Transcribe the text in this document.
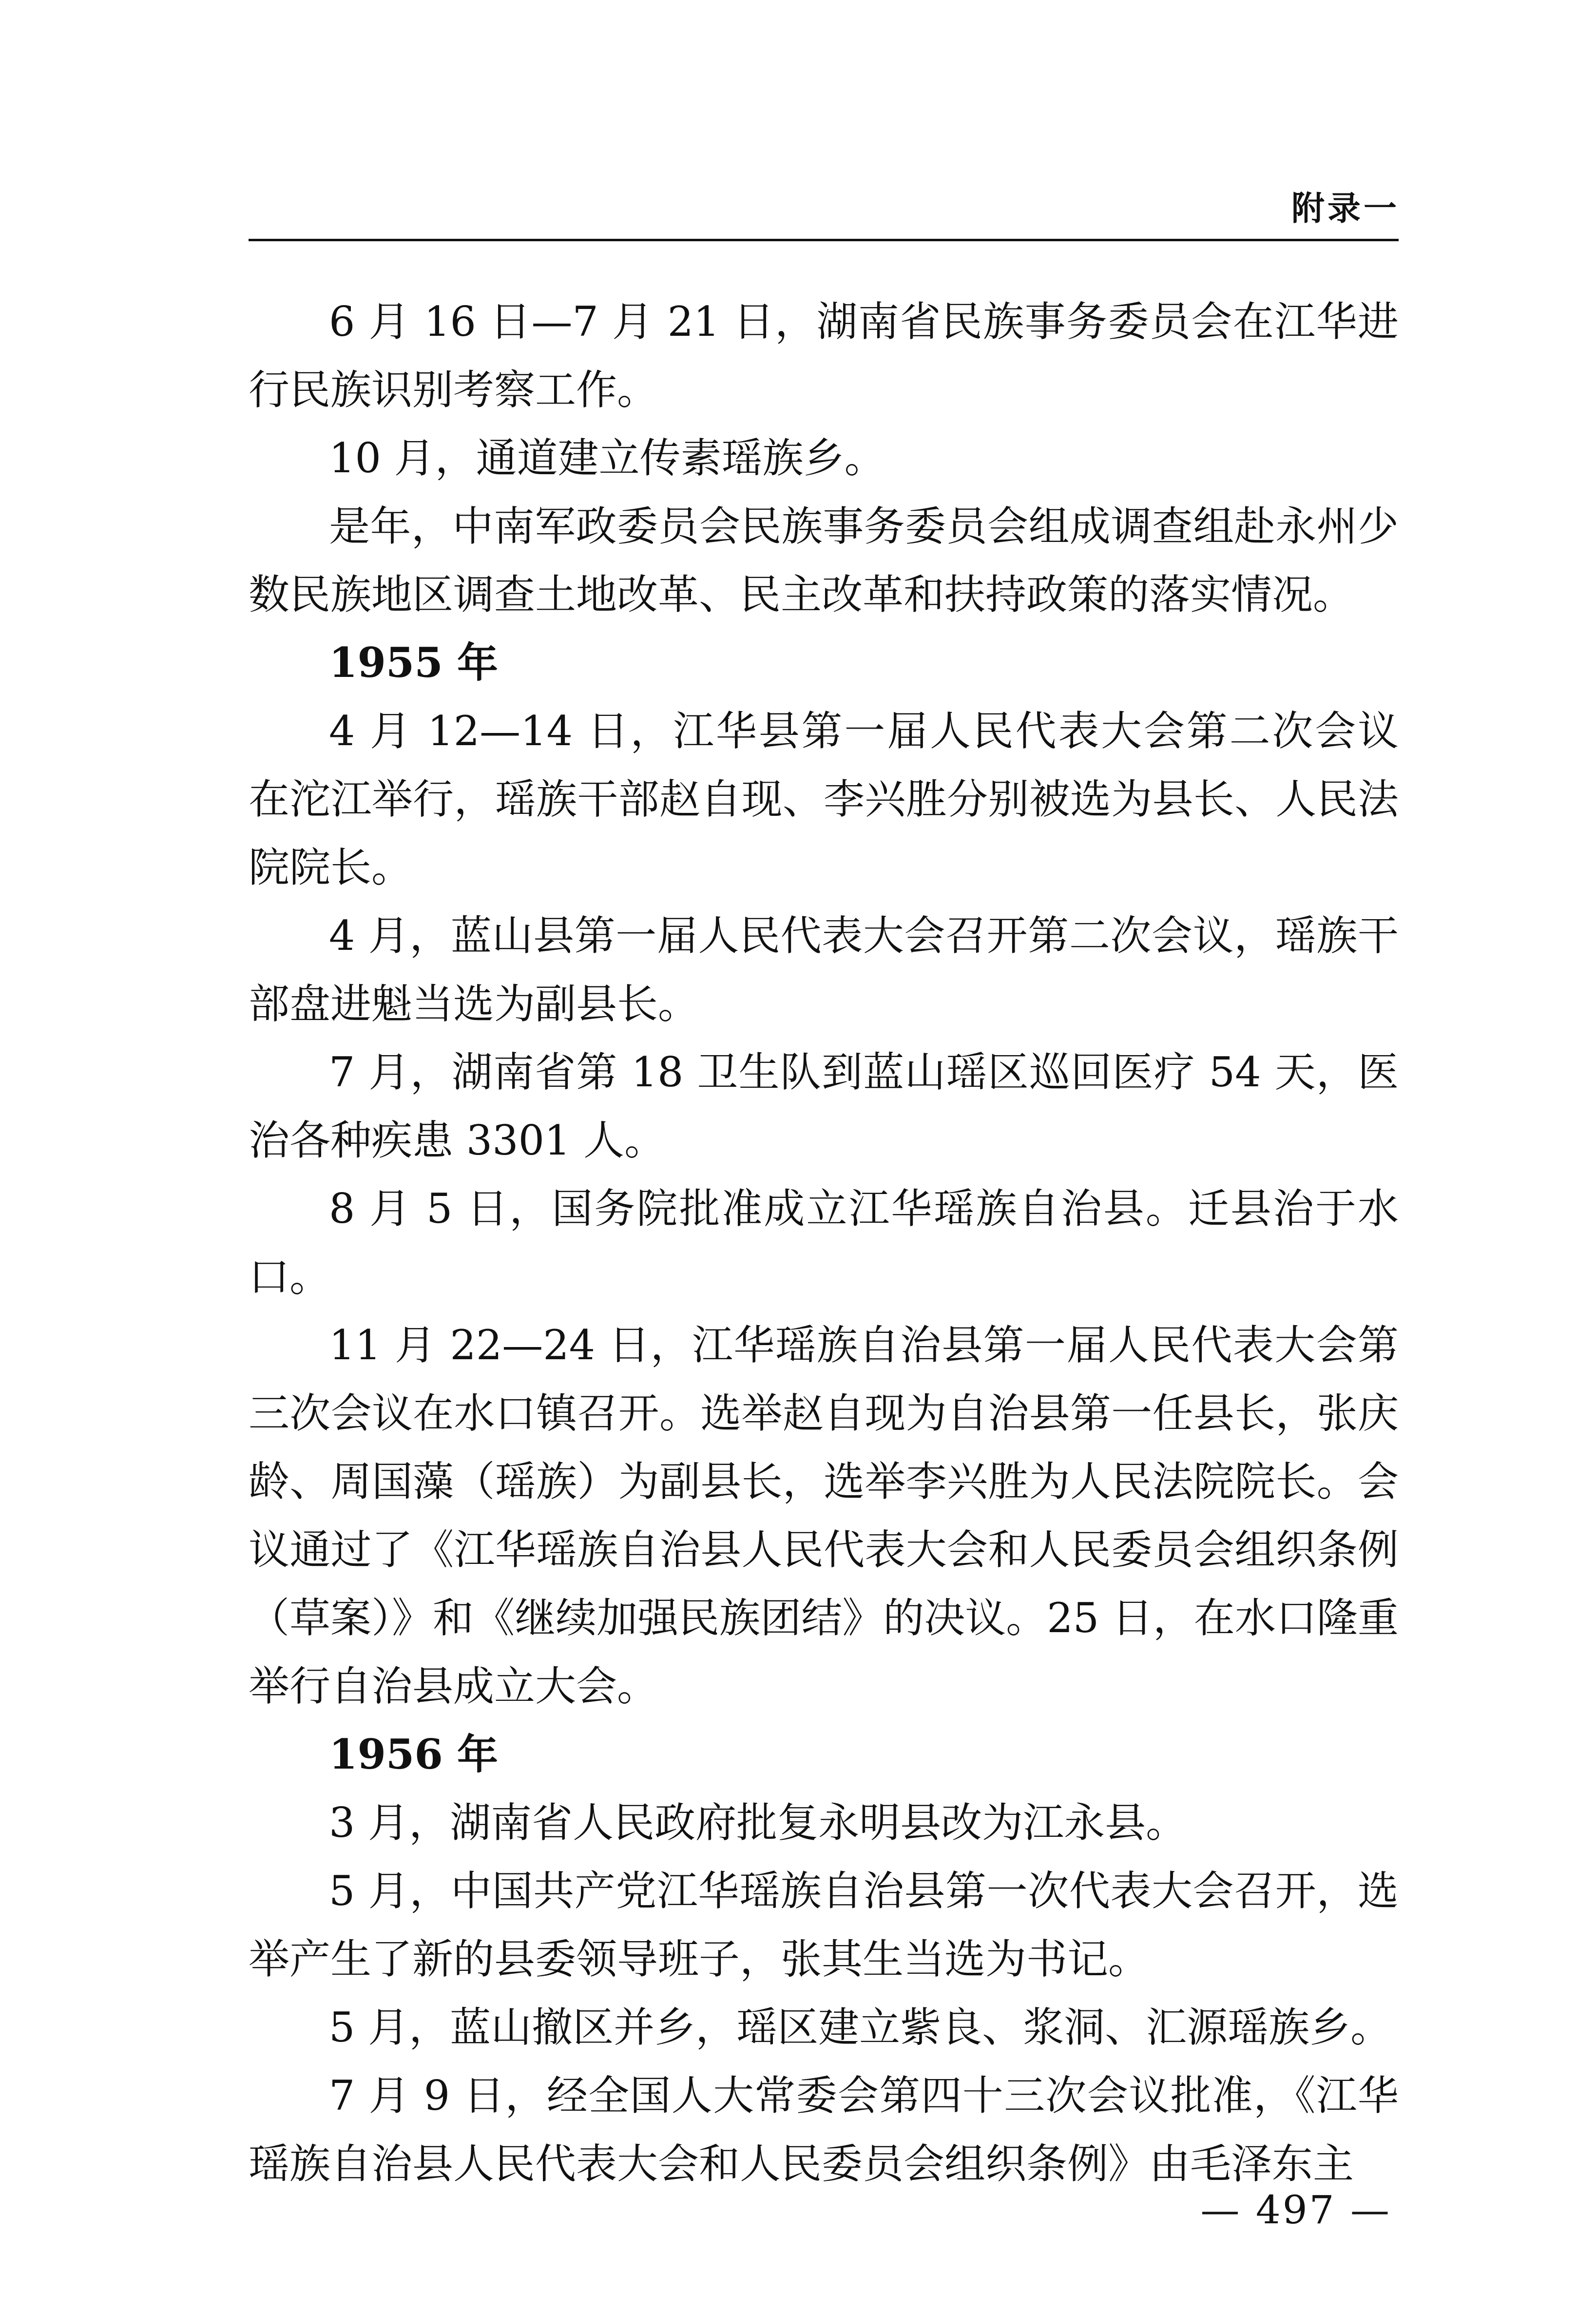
附录一

6 月 16 日—7 月 21 日，湖南省民族事务委员会在江华进行民族识别考察工作。

10 月，通道建立传素瑶族乡。

是年，中南军政委员会民族事务委员会组成调查组赴永州少数民族地区调查土地改革、民主改革和扶持政策的落实情况。

1955 年

4 月 12—14 日，江华县第一届人民代表大会第二次会议在沱江举行，瑶族干部赵自现、李兴胜分别被选为县长、人民法院院长。

4 月，蓝山县第一届人民代表大会召开第二次会议，瑶族干部盘进魁当选为副县长。

7 月，湖南省第 18 卫生队到蓝山瑶区巡回医疗 54 天，医治各种疾患 3301 人。

8 月 5 日，国务院批准成立江华瑶族自治县。迁县治于水口。

11 月 22—24 日，江华瑶族自治县第一届人民代表大会第三次会议在水口镇召开。选举赵自现为自治县第一任县长，张庆龄、周国藻（瑶族）为副县长，选举李兴胜为人民法院院长。会议通过了《江华瑶族自治县人民代表大会和人民委员会组织条例（草案）》和《继续加强民族团结》的决议。25 日，在水口隆重举行自治县成立大会。

1956 年

3 月，湖南省人民政府批复永明县改为江永县。

5 月，中国共产党江华瑶族自治县第一次代表大会召开，选举产生了新的县委领导班子，张其生当选为书记。

5 月，蓝山撤区并乡，瑶区建立紫良、浆洞、汇源瑶族乡。

7 月 9 日，经全国人大常委会第四十三次会议批准，《江华瑶族自治县人民代表大会和人民委员会组织条例》由毛泽东主

— 497 —
